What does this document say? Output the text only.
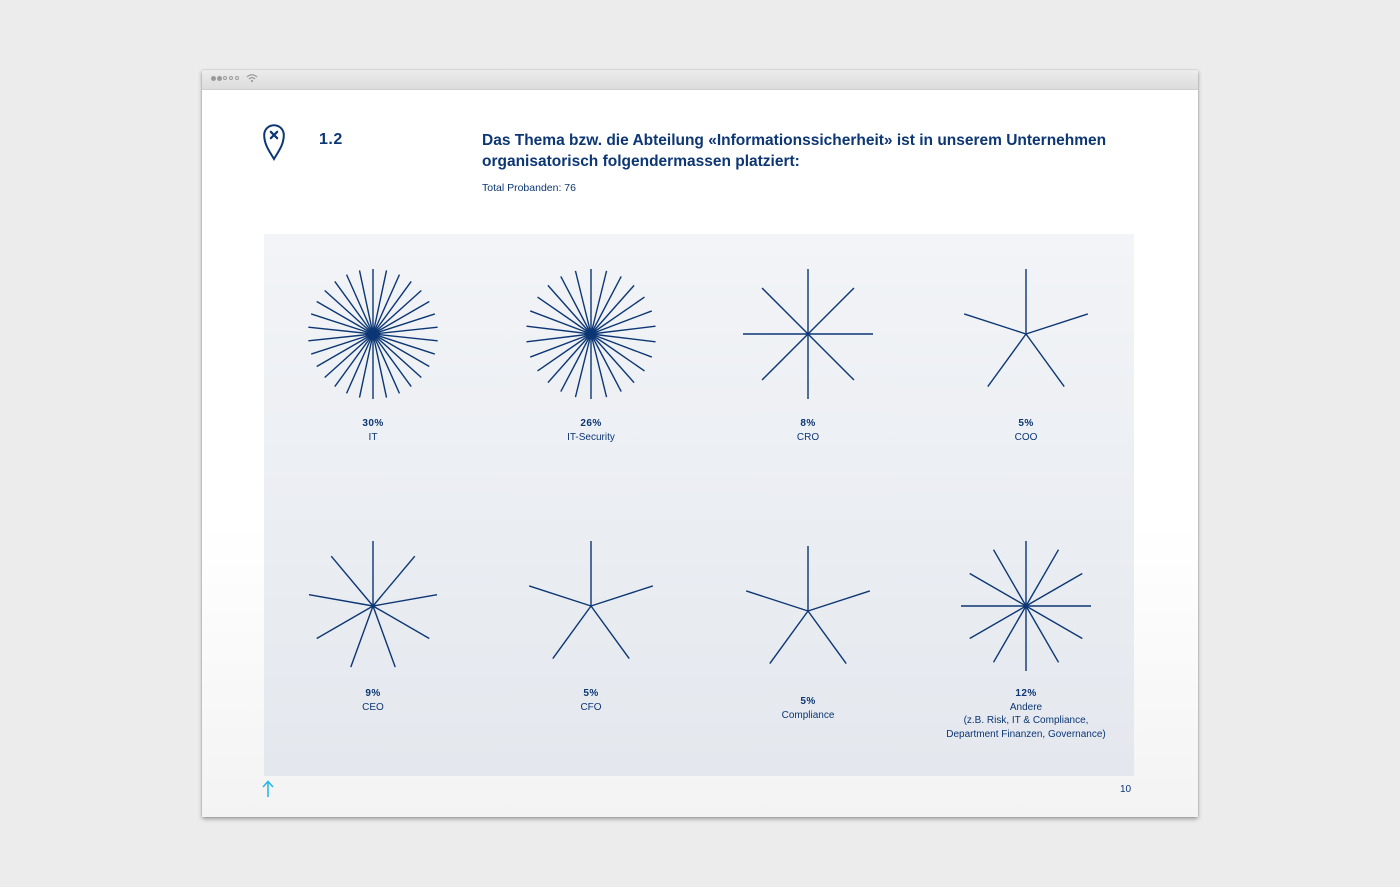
1.2	Das Thema bzw. die Abteilung «Informationssicherheit» ist in unserem Unternehmen organisatorisch folgendermassen platziert:
Total Probanden: 76
30%
IT
26%
IT-Security
8%
CRO
5%
COO
9%
CEO
5%
CFO	5%
Compliance
12%
Andere
(z.B. Risk, IT & Compliance,
Department Finanzen, Governance)
10
